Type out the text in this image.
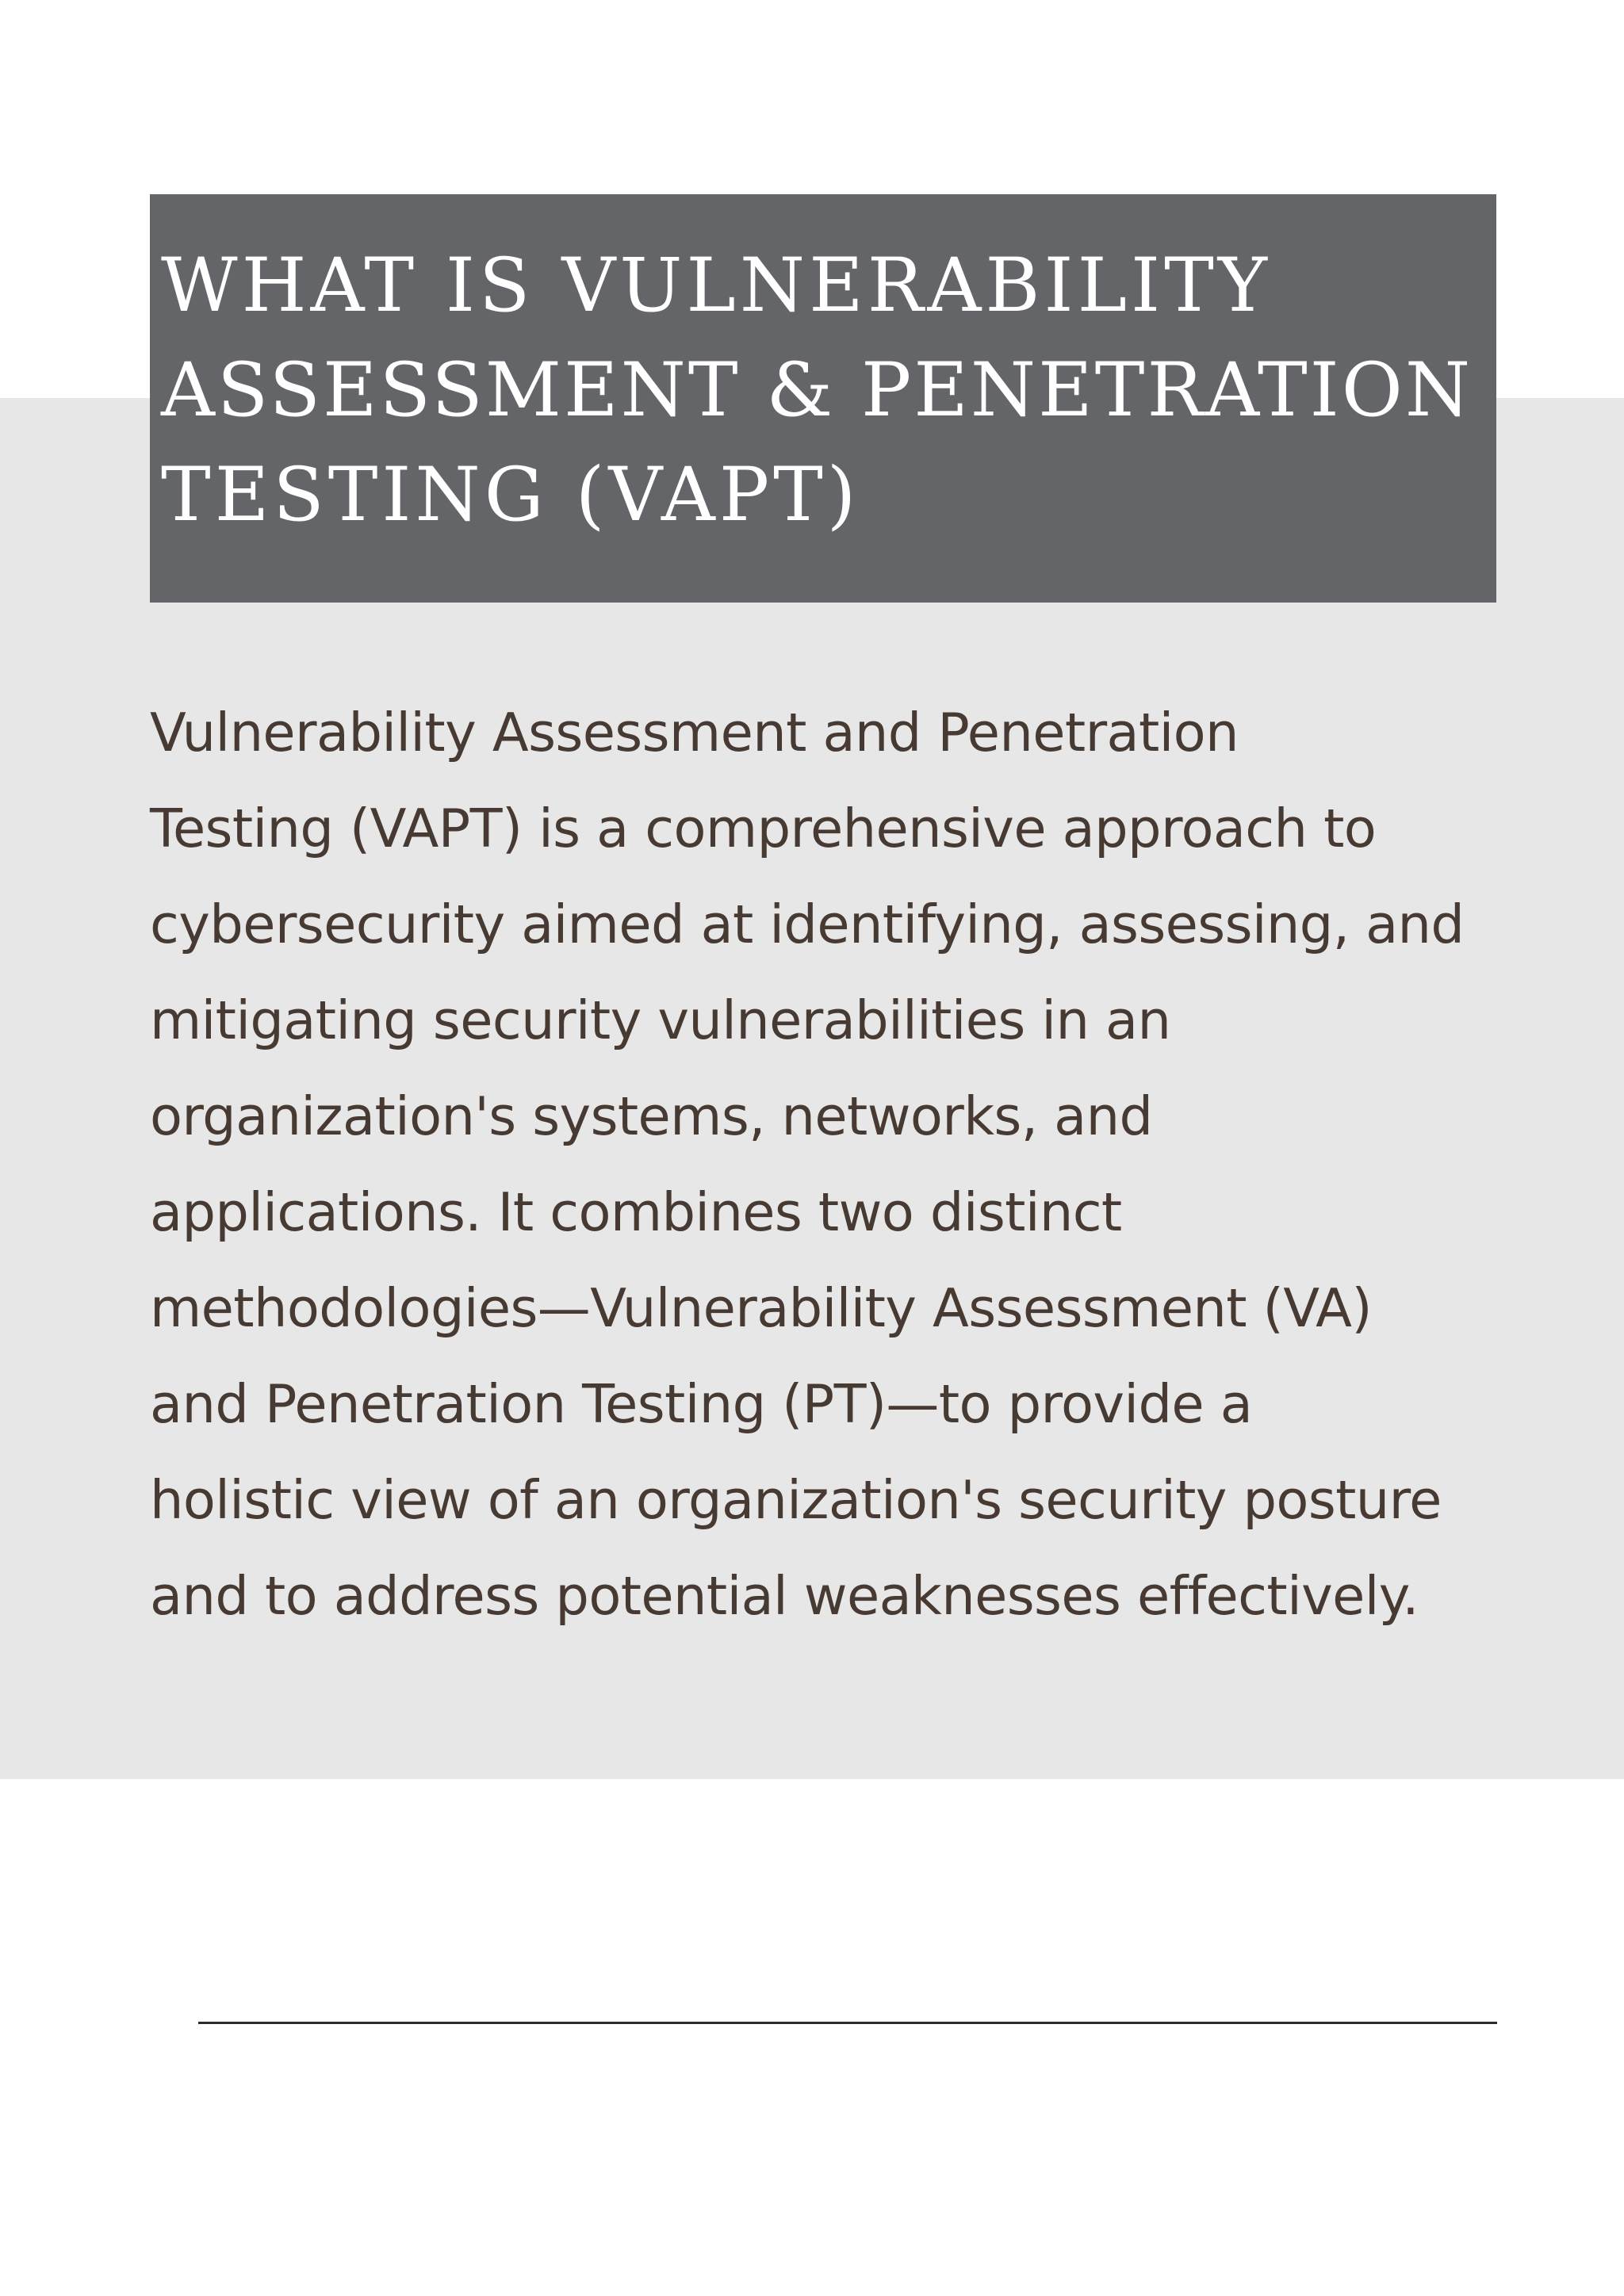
WHAT IS VULNERABILITY
ASSESSMENT & PENETRATION
TESTING (VAPT)
Vulnerability Assessment and Penetration
Testing (VAPT) is a comprehensive approach to
cybersecurity aimed at identifying, assessing, and
mitigating security vulnerabilities in an
organization's systems, networks, and
applications. It combines two distinct
methodologies—Vulnerability Assessment (VA)
and Penetration Testing (PT)—to provide a
holistic view of an organization's security posture
and to address potential weaknesses effectively.
